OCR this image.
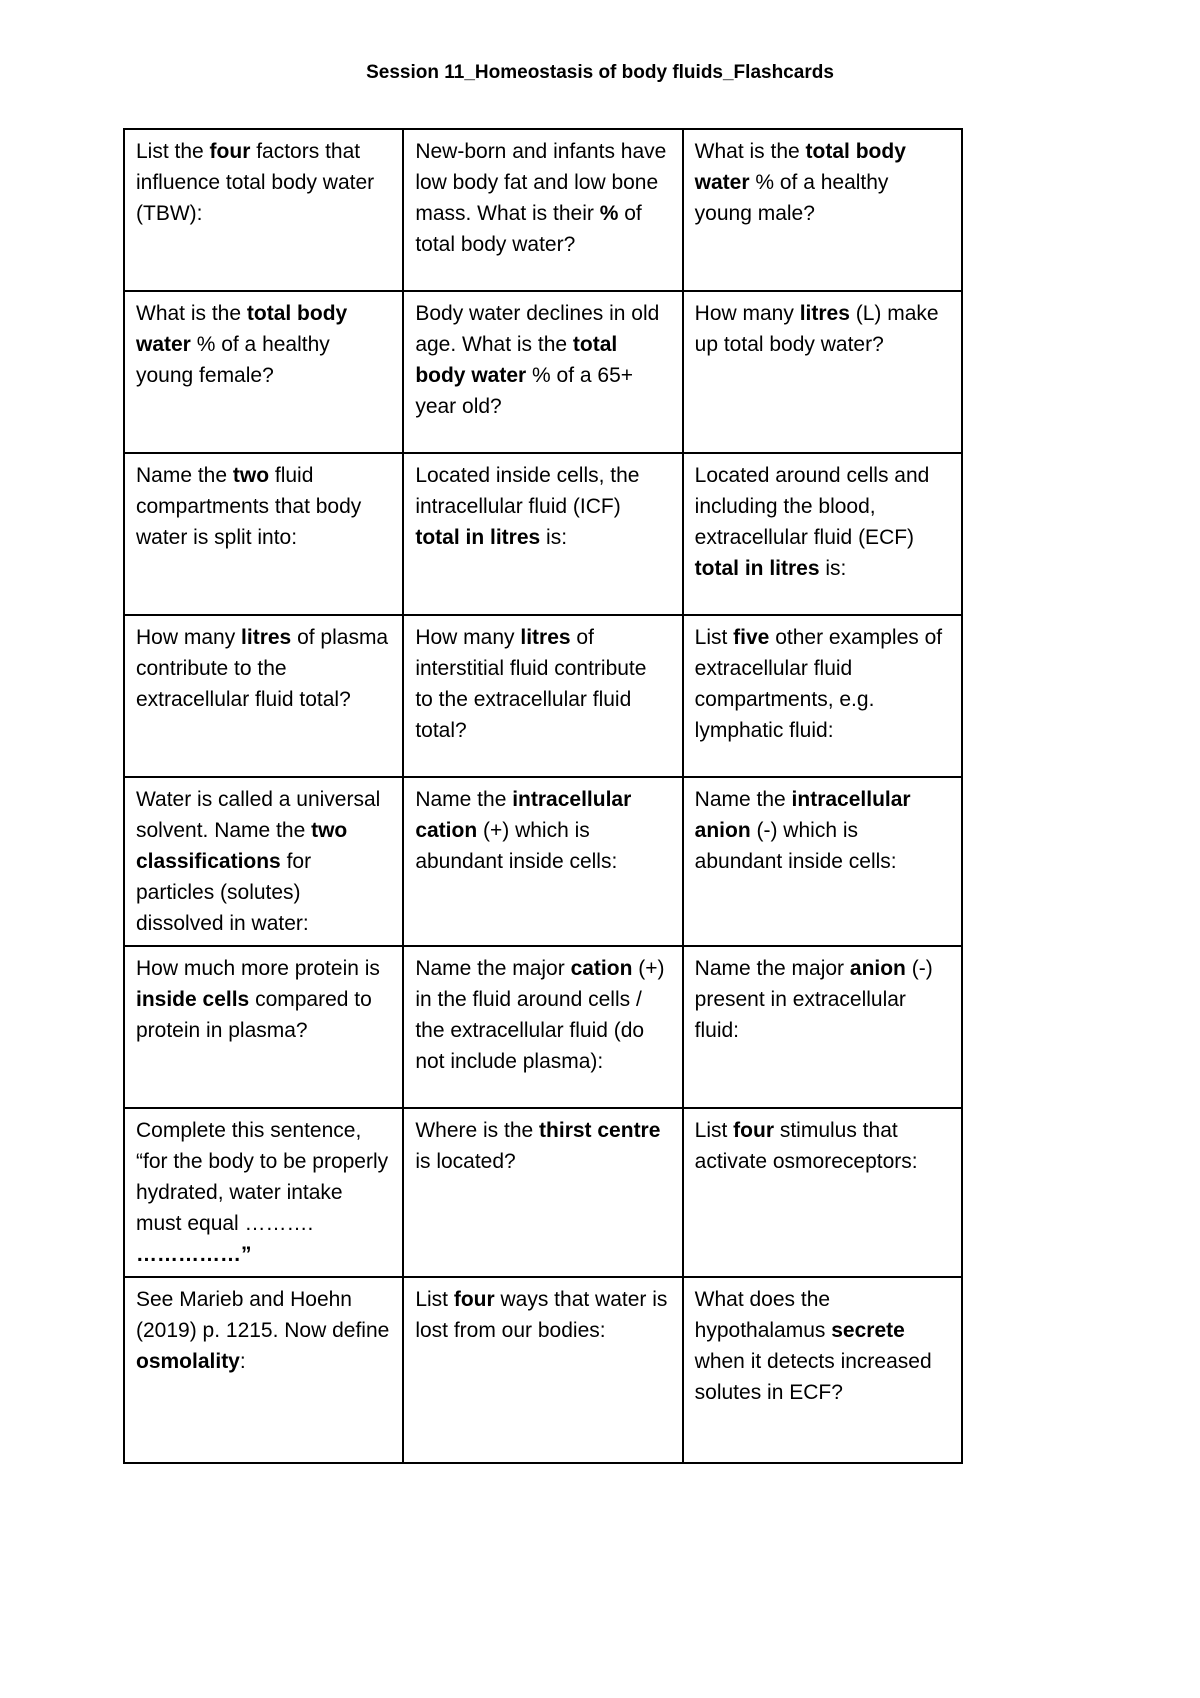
Session 11_Homeostasis of body fluids_Flashcards
List the four factors that influence total body water (TBW):	New-born and infants have low body fat and low bone mass. What is their % of total body water?	What is the total body water % of a healthy young male?
What is the total body water % of a healthy young female?	Body water declines in old age. What is the total body water % of a 65+ year old?	How many litres (L) make up total body water?
Name the two fluid compartments that body water is split into:	Located inside cells, the intracellular fluid (ICF) total in litres is:	Located around cells and including the blood, extracellular fluid (ECF) total in litres is:
How many litres of plasma contribute to the extracellular fluid total?	How many litres of interstitial fluid contribute to the extracellular fluid total?	List five other examples of extracellular fluid compartments, e.g. lymphatic fluid:
Water is called a universal solvent. Name the two classifications for particles (solutes) dissolved in water:	Name the intracellular cation (+) which is abundant inside cells:	Name the intracellular anion (-) which is abundant inside cells:
How much more protein is inside cells compared to protein in plasma?	Name the major cation (+) in the fluid around cells / the extracellular fluid (do not include plasma):	Name the major anion (-) present in extracellular fluid:
Complete this sentence, “for the body to be properly hydrated, water intake must equal ………. ……………”	Where is the thirst centre is located?	List four stimulus that activate osmoreceptors:
See Marieb and Hoehn (2019) p. 1215. Now define osmolality:	List four ways that water is lost from our bodies:	What does the hypothalamus secrete when it detects increased solutes in ECF?
